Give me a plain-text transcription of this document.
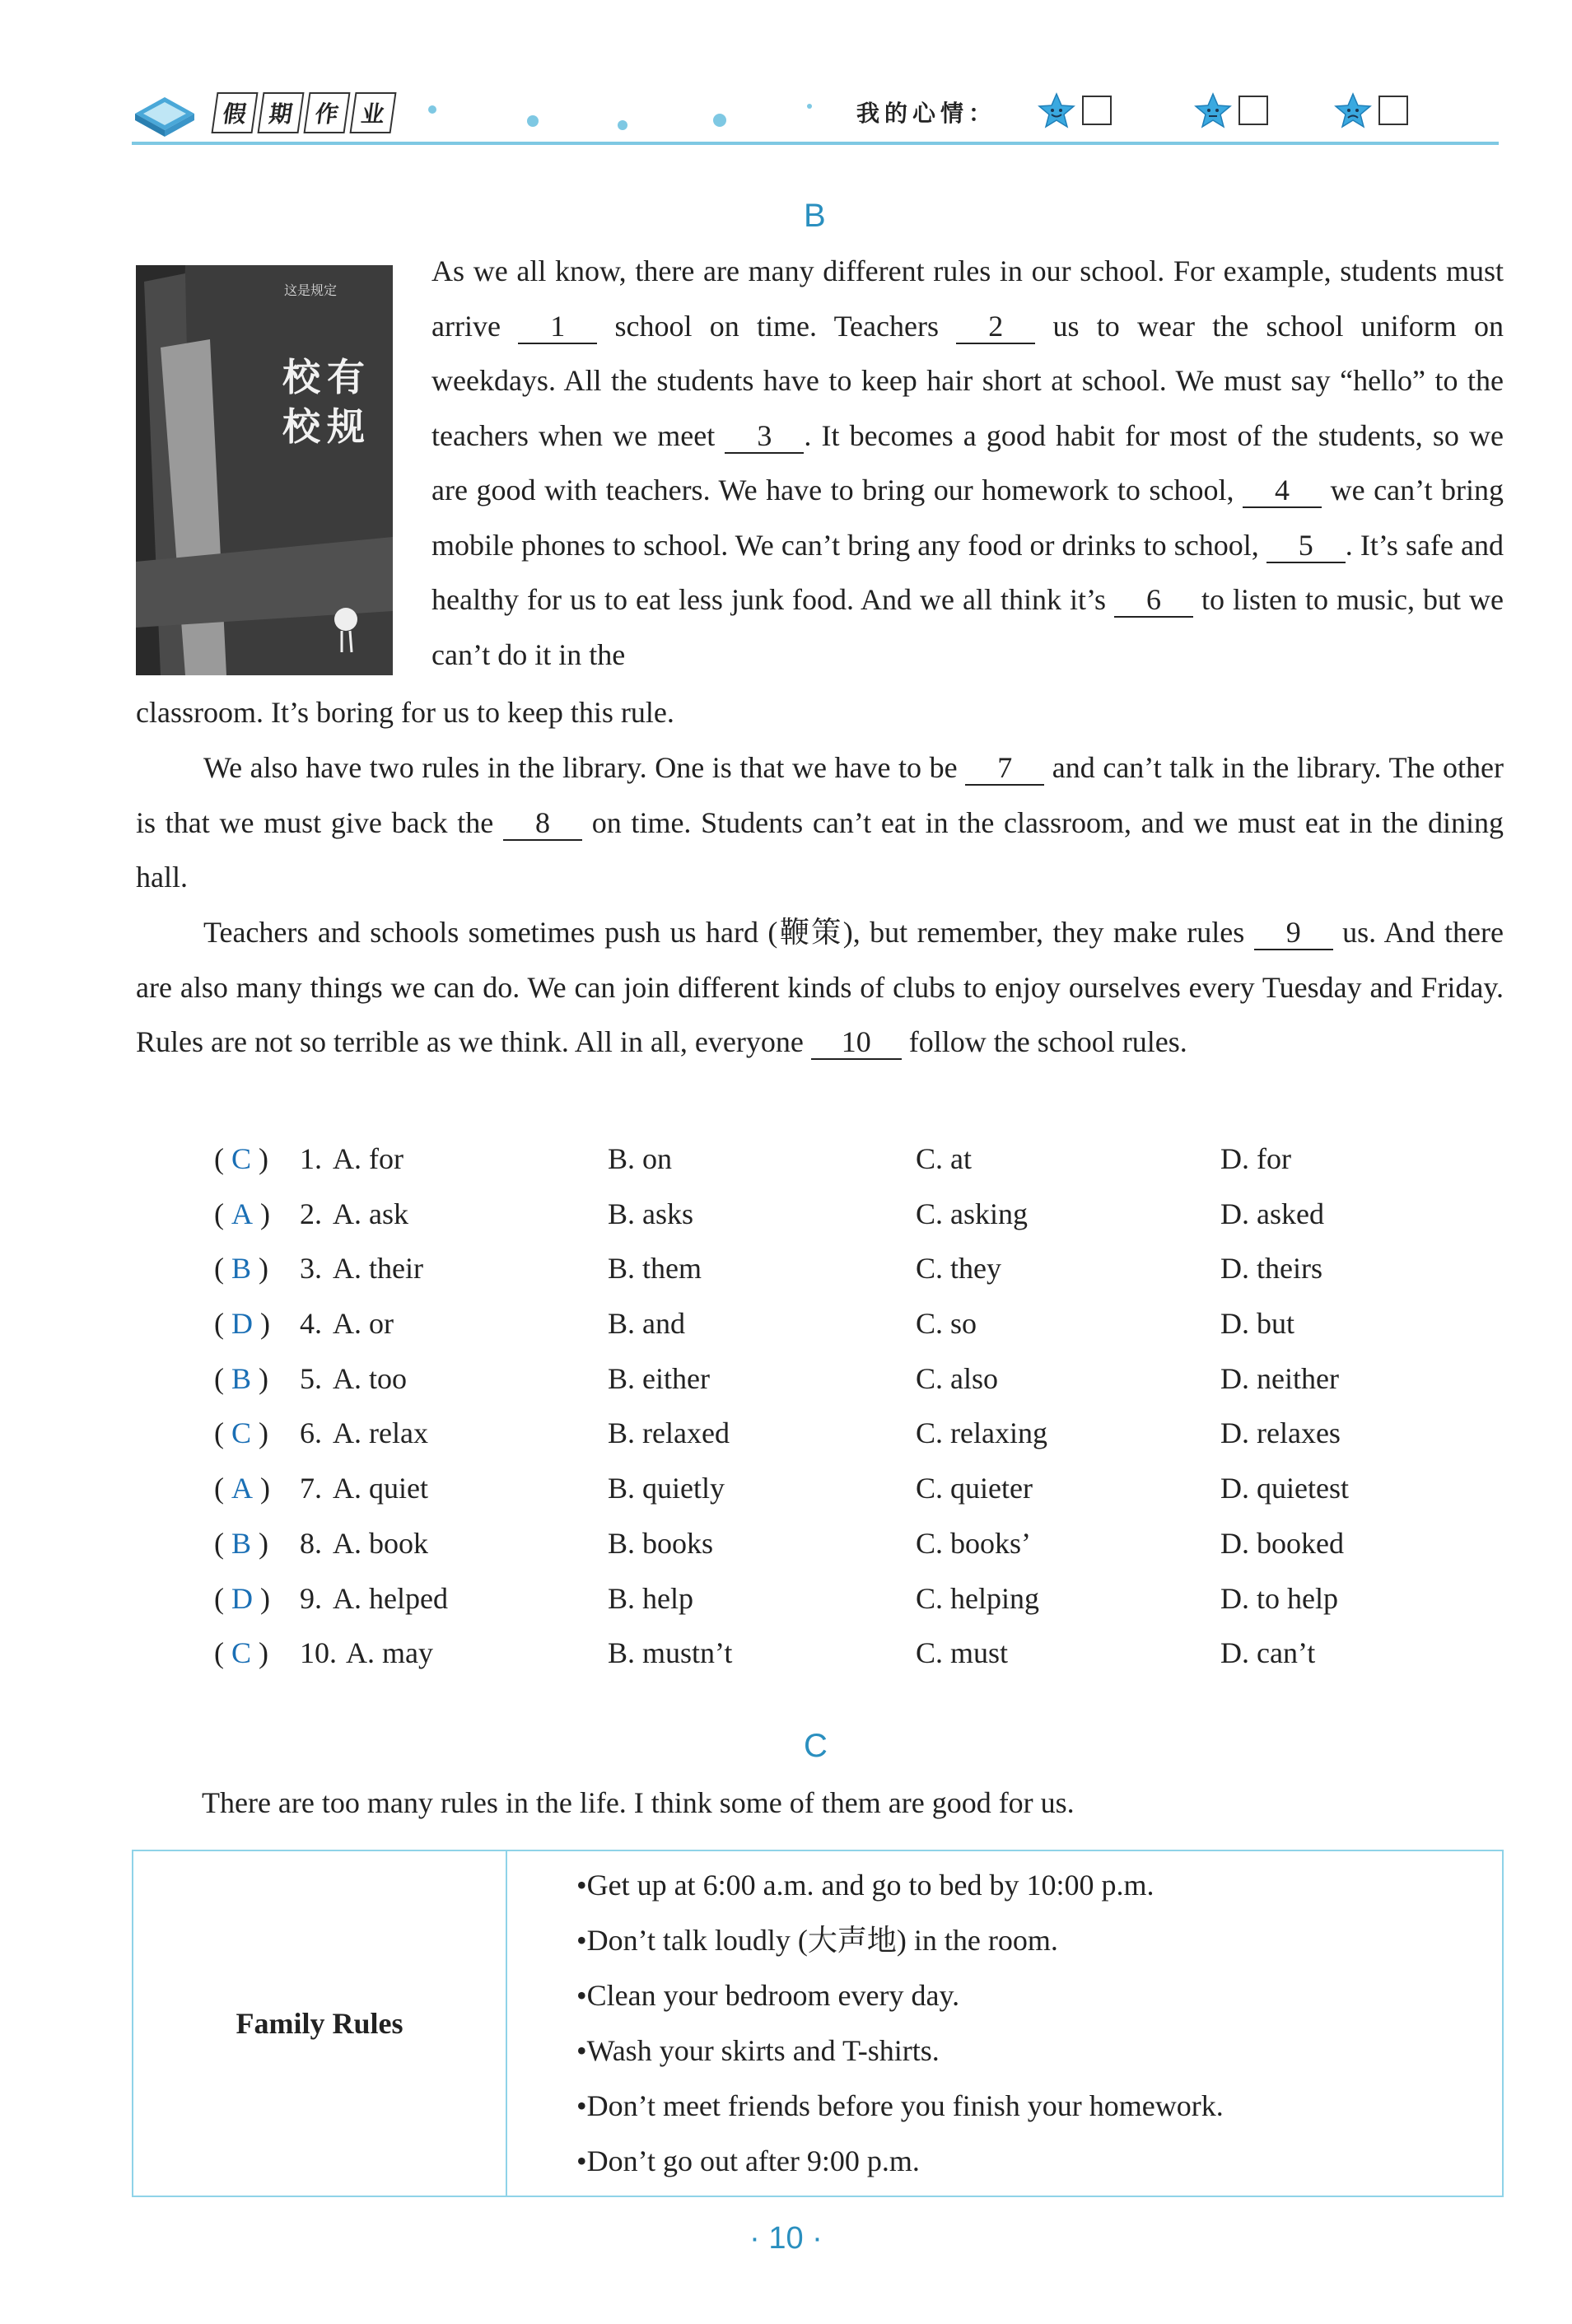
假 期 作 业	我的心情：
B
这是规定
校有
校规
As we all know, there are many different rules in our school. For example, students must arrive 1 school on time. Teachers 2 us to wear the school uniform on weekdays. All the students have to keep hair short at school. We must say “hello” to the teachers when we meet 3 . It becomes a good habit for most of the students, so we are good with teachers. We have to bring our homework to school, 4 we can’t bring mobile phones to school. We can’t bring any food or drinks to school, 5 . It’s safe and healthy for us to eat less junk food. And we all think it’s 6 to listen to music, but we can’t do it in the
classroom. It’s boring for us to keep this rule.
We also have two rules in the library. One is that we have to be 7 and can’t talk in the library. The other is that we must give back the 8 on time. Students can’t eat in the classroom, and we must eat in the dining hall.
Teachers and schools sometimes push us hard (鞭策), but remember, they make rules 9 us. And there are also many things we can do. We can join different kinds of clubs to enjoy ourselves every Tuesday and Friday. Rules are not so terrible as we think. All in all, everyone 10 follow the school rules.
( C ) 1. A. for	B. on	C. at	D. for
( A ) 2. A. ask	B. asks	C. asking	D. asked
( B ) 3. A. their	B. them	C. they	D. theirs
( D ) 4. A. or	B. and	C. so	D. but
( B ) 5. A. too	B. either	C. also	D. neither
( C ) 6. A. relax	B. relaxed	C. relaxing	D. relaxes
( A ) 7. A. quiet	B. quietly	C. quieter	D. quietest
( B ) 8. A. book	B. books	C. books’	D. booked
( D ) 9. A. helped	B. help	C. helping	D. to help
( C ) 10. A. may	B. mustn’t	C. must	D. can’t
C
There are too many rules in the life. I think some of them are good for us.
Family Rules	
•Get up at 6:00 a.m. and go to bed by 10:00 p.m.
•Don’t talk loudly (大声地) in the room.
•Clean your bedroom every day.
•Wash your skirts and T-shirts.
•Don’t meet friends before you finish your homework.
•Don’t go out after 9:00 p.m.
· 10 ·
